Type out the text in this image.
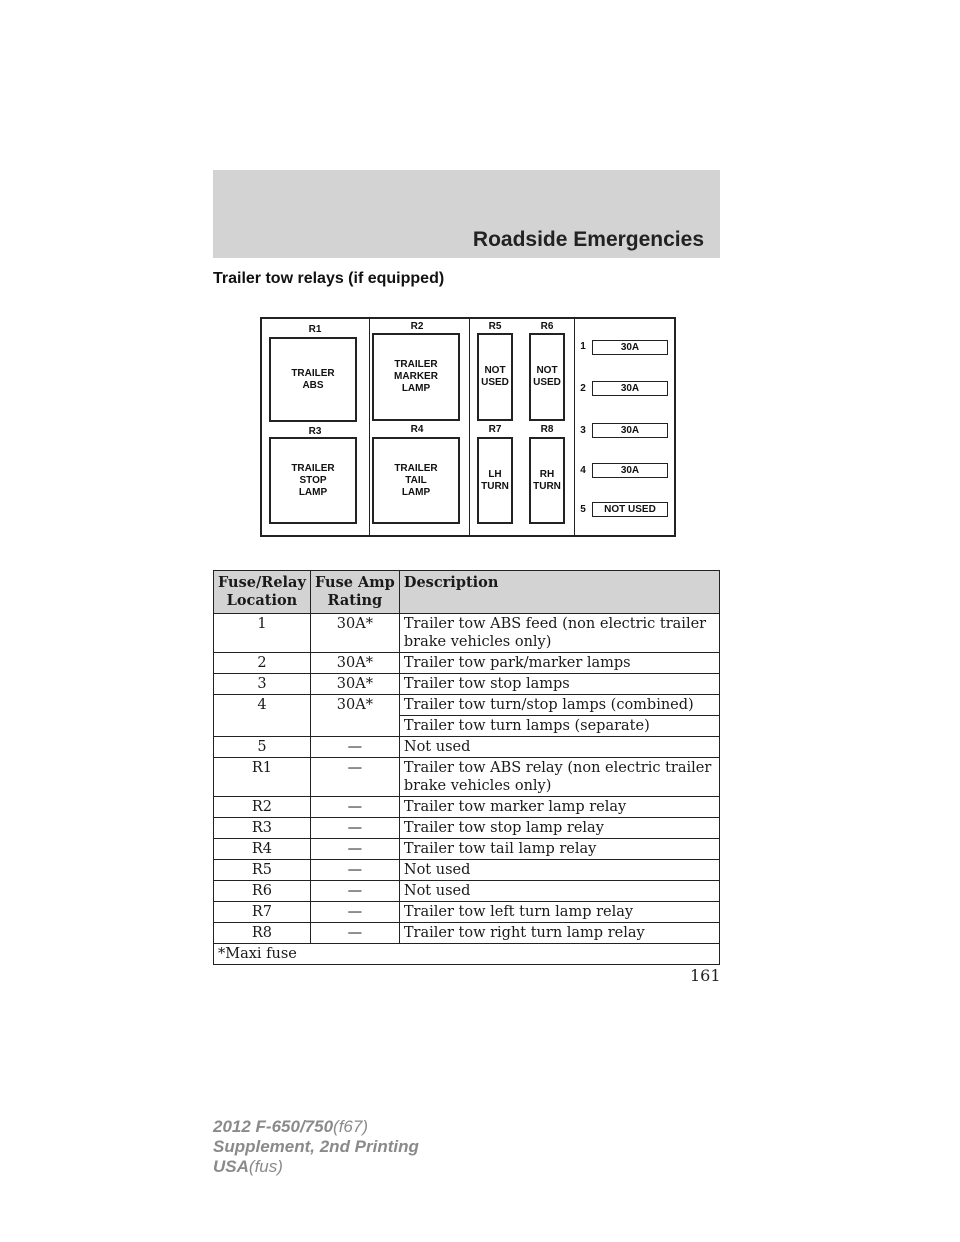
Roadside Emergencies
Trailer tow relays (if equipped)
R1
TRAILER
ABS
R3
TRAILER
STOP
LAMP
R2
TRAILER
MARKER
LAMP
R4
TRAILER
TAIL
LAMP
R5
NOT
USED
R6
NOT
USED
R7
LH
TURN
R8
RH
TURN
1	30A
2	30A
3	30A
4	30A
5	NOT USED
Fuse/Relay Location	Fuse Amp Rating	Description
1	30A*	Trailer tow ABS feed (non electric trailer brake vehicles only)
2	30A*	Trailer tow park/marker lamps
3	30A*	Trailer tow stop lamps
4	30A*	Trailer tow turn/stop lamps (combined)
		Trailer tow turn lamps (separate)
5	—	Not used
R1	—	Trailer tow ABS relay (non electric trailer brake vehicles only)
R2	—	Trailer tow marker lamp relay
R3	—	Trailer tow stop lamp relay
R4	—	Trailer tow tail lamp relay
R5	—	Not used
R6	—	Not used
R7	—	Trailer tow left turn lamp relay
R8	—	Trailer tow right turn lamp relay
*Maxi fuse		
161
2012 F-650/750(f67)
Supplement, 2nd Printing
USA(fus)
